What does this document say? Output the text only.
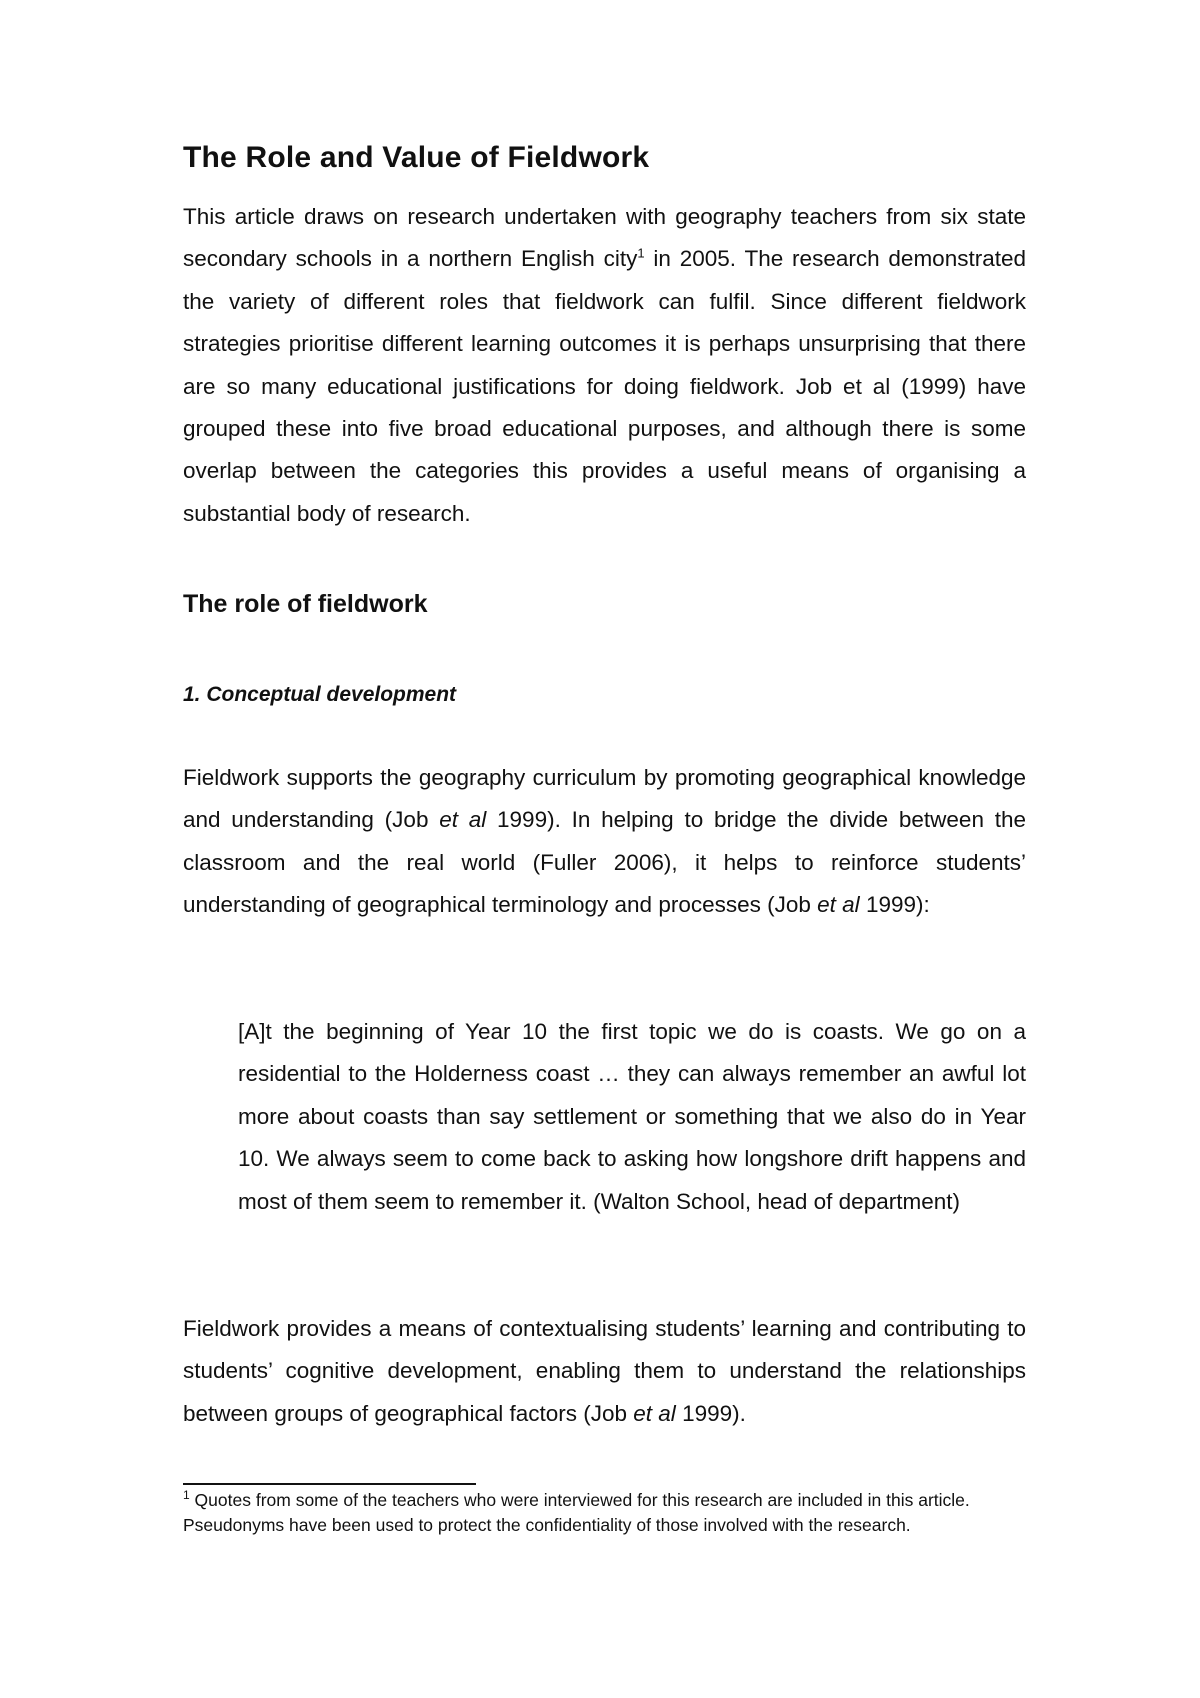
The Role and Value of Fieldwork

This article draws on research undertaken with geography teachers from six state secondary schools in a northern English city$^1$ in 2005. The research demonstrated the variety of different roles that fieldwork can fulfil. Since different fieldwork strategies prioritise different learning outcomes it is perhaps unsurprising that there are so many educational justifications for doing fieldwork. Job et al (1999) have grouped these into five broad educational purposes, and although there is some overlap between the categories this provides a useful means of organising a substantial body of research.

The role of fieldwork
1. Conceptual development

Fieldwork supports the geography curriculum by promoting geographical knowledge and understanding (Job et al 1999). In helping to bridge the divide between the classroom and the real world (Fuller 2006), it helps to reinforce students’ understanding of geographical terminology and processes (Job et al 1999):

[A]t the beginning of Year 10 the first topic we do is coasts. We go on a residential to the Holderness coast … they can always remember an awful lot more about coasts than say settlement or something that we also do in Year 10. We always seem to come back to asking how longshore drift happens and most of them seem to remember it. (Walton School, head of department)

Fieldwork provides a means of contextualising students’ learning and contributing to students’ cognitive development, enabling them to understand the relationships between groups of geographical factors (Job et al 1999).

$^1$ Quotes from some of the teachers who were interviewed for this research are included in this article. Pseudonyms have been used to protect the confidentiality of those involved with the research.
